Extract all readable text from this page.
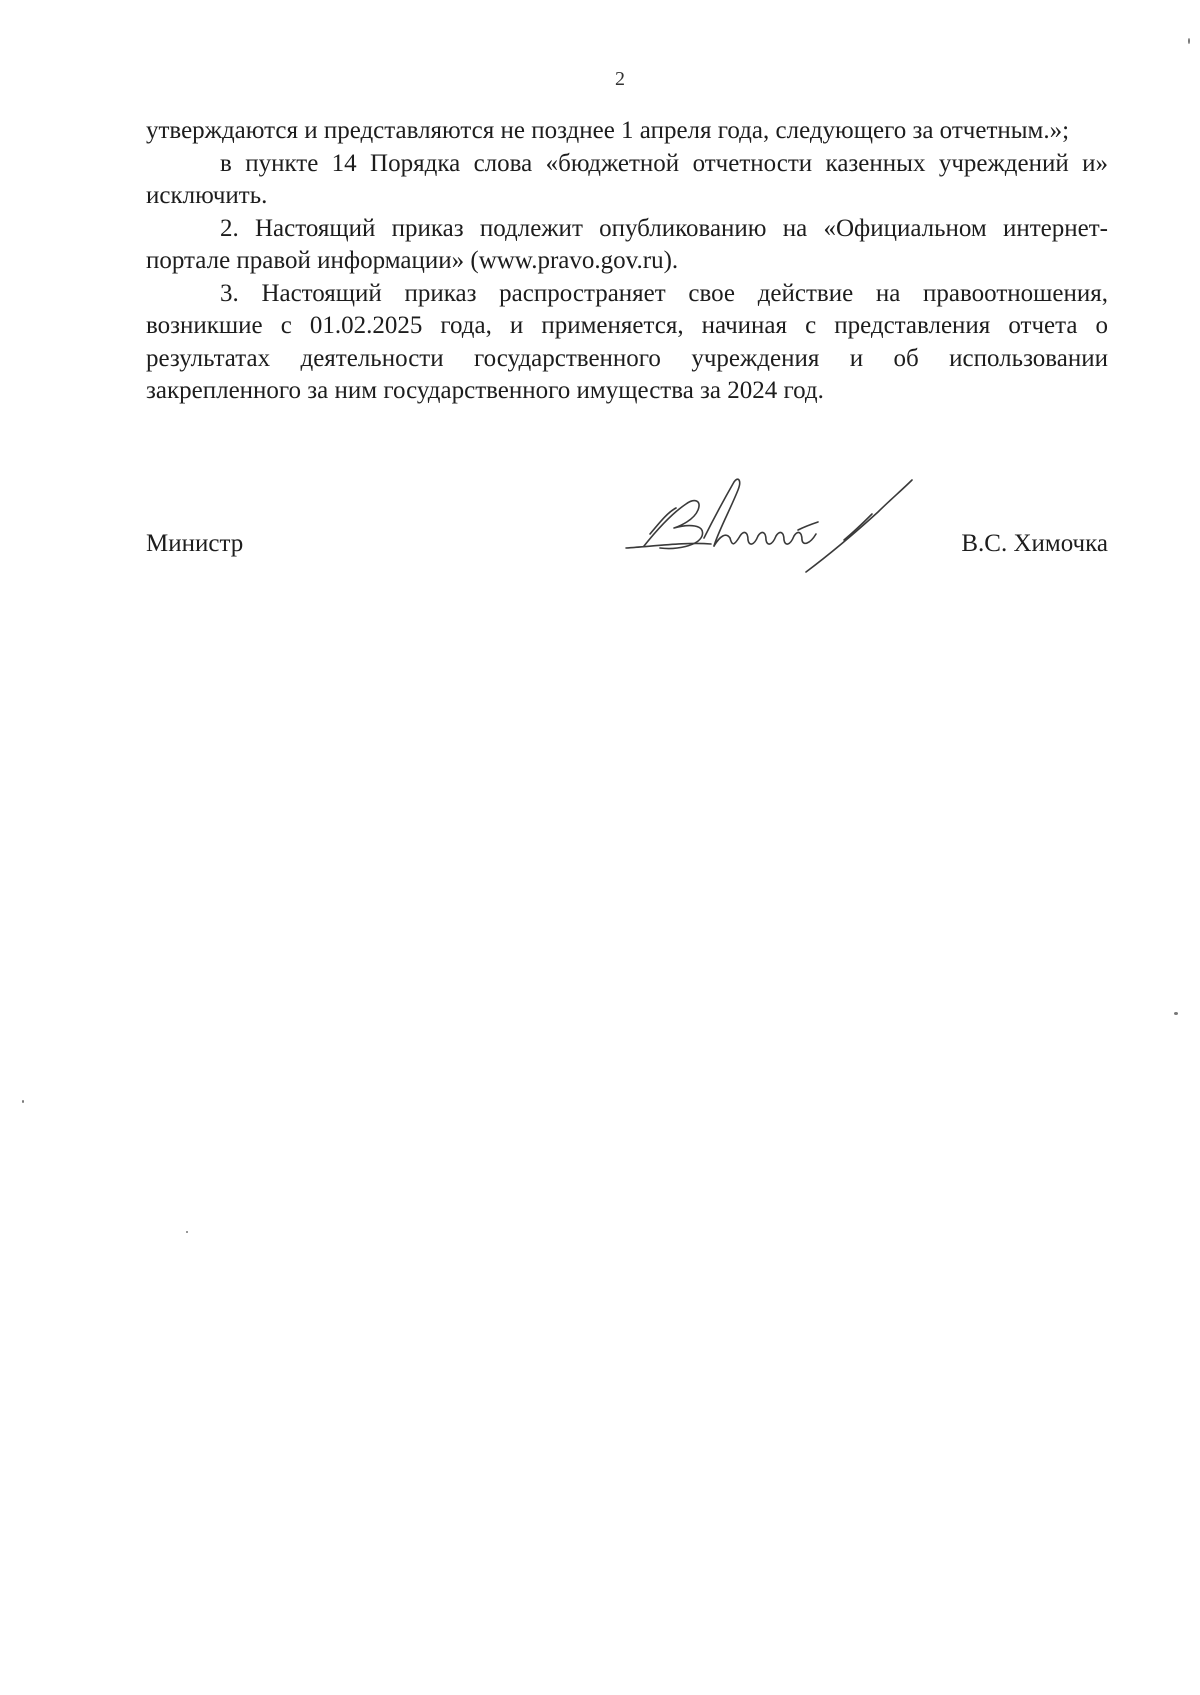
2

утверждаются и представляются не позднее 1 апреля года, следующего за отчетным.»;

в пункте 14 Порядка слова «бюджетной отчетности казенных учреждений и» исключить.

2. Настоящий приказ подлежит опубликованию на «Официальном интернет-портале правой информации» (www.pravo.gov.ru).

3. Настоящий приказ распространяет свое действие на правоотношения, возникшие с 01.02.2025 года, и применяется, начиная с представления отчета о результатах деятельности государственного учреждения и об использовании закрепленного за ним государственного имущества за 2024 год.

Министр	В.С. Химочка
